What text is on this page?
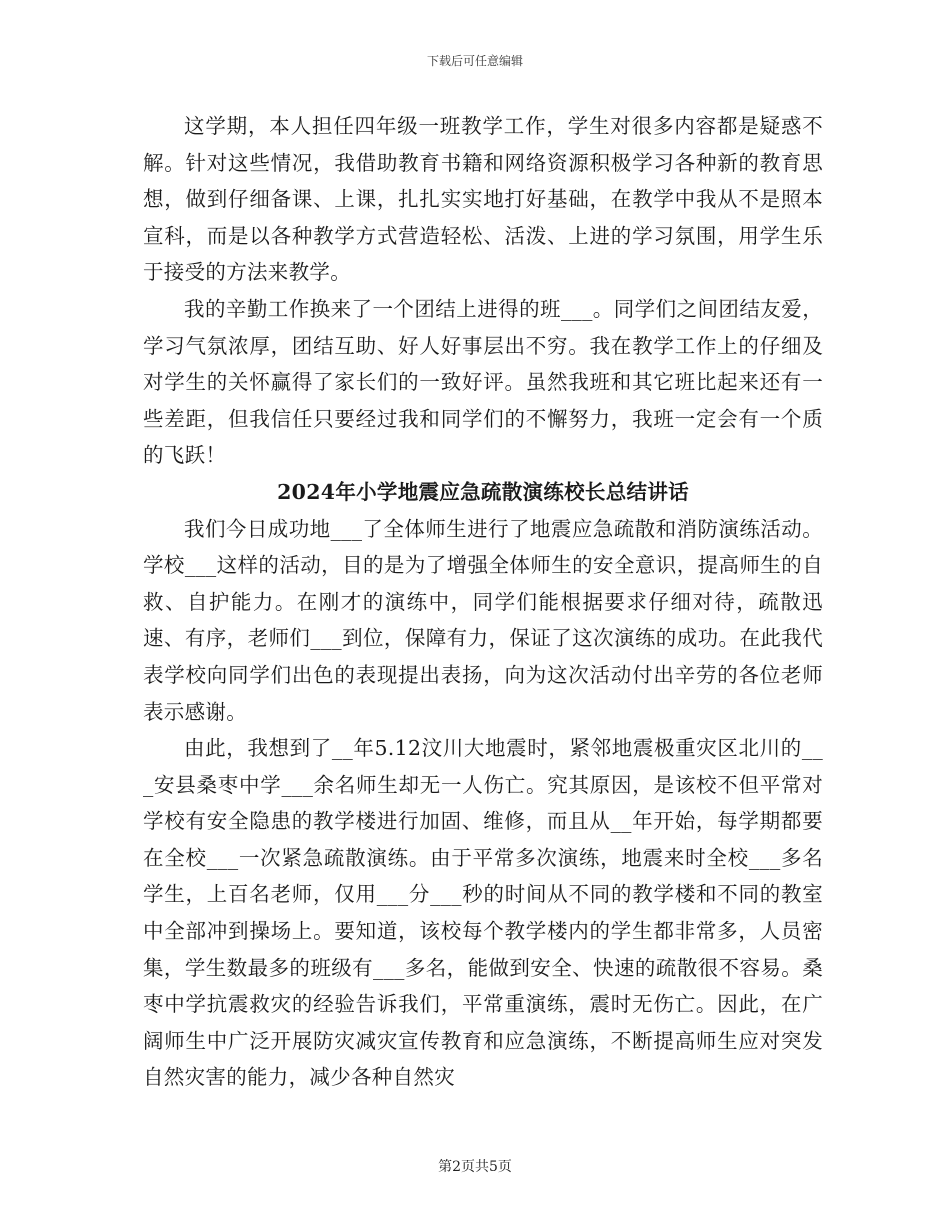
下载后可任意编辑

这学期，本人担任四年级一班教学工作，学生对很多内容都是疑惑不解。针对这些情况，我借助教育书籍和网络资源积极学习各种新的教育思想，做到仔细备课、上课，扎扎实实地打好基础，在教学中我从不是照本宣科，而是以各种教学方式营造轻松、活泼、上进的学习氛围，用学生乐于接受的方法来教学。

我的辛勤工作换来了一个团结上进得的班___。同学们之间团结友爱，学习气氛浓厚，团结互助、好人好事层出不穷。我在教学工作上的仔细及对学生的关怀赢得了家长们的一致好评。虽然我班和其它班比起来还有一些差距，但我信任只要经过我和同学们的不懈努力，我班一定会有一个质的飞跃！

2024年小学地震应急疏散演练校长总结讲话

我们今日成功地___了全体师生进行了地震应急疏散和消防演练活动。学校___这样的活动，目的是为了增强全体师生的安全意识，提高师生的自救、自护能力。在刚才的演练中，同学们能根据要求仔细对待，疏散迅速、有序，老师们___到位，保障有力，保证了这次演练的成功。在此我代表学校向同学们出色的表现提出表扬，向为这次活动付出辛劳的各位老师表示感谢。

由此，我想到了__年5.12汶川大地震时，紧邻地震极重灾区北川的___安县桑枣中学___余名师生却无一人伤亡。究其原因，是该校不但平常对学校有安全隐患的教学楼进行加固、维修，而且从__年开始，每学期都要在全校___一次紧急疏散演练。由于平常多次演练，地震来时全校___多名学生，上百名老师，仅用___分___秒的时间从不同的教学楼和不同的教室中全部冲到操场上。要知道，该校每个教学楼内的学生都非常多，人员密集，学生数最多的班级有___多名，能做到安全、快速的疏散很不容易。桑枣中学抗震救灾的经验告诉我们，平常重演练，震时无伤亡。因此，在广阔师生中广泛开展防灾减灾宣传教育和应急演练，不断提高师生应对突发自然灾害的能力，减少各种自然灾

第2页共5页
